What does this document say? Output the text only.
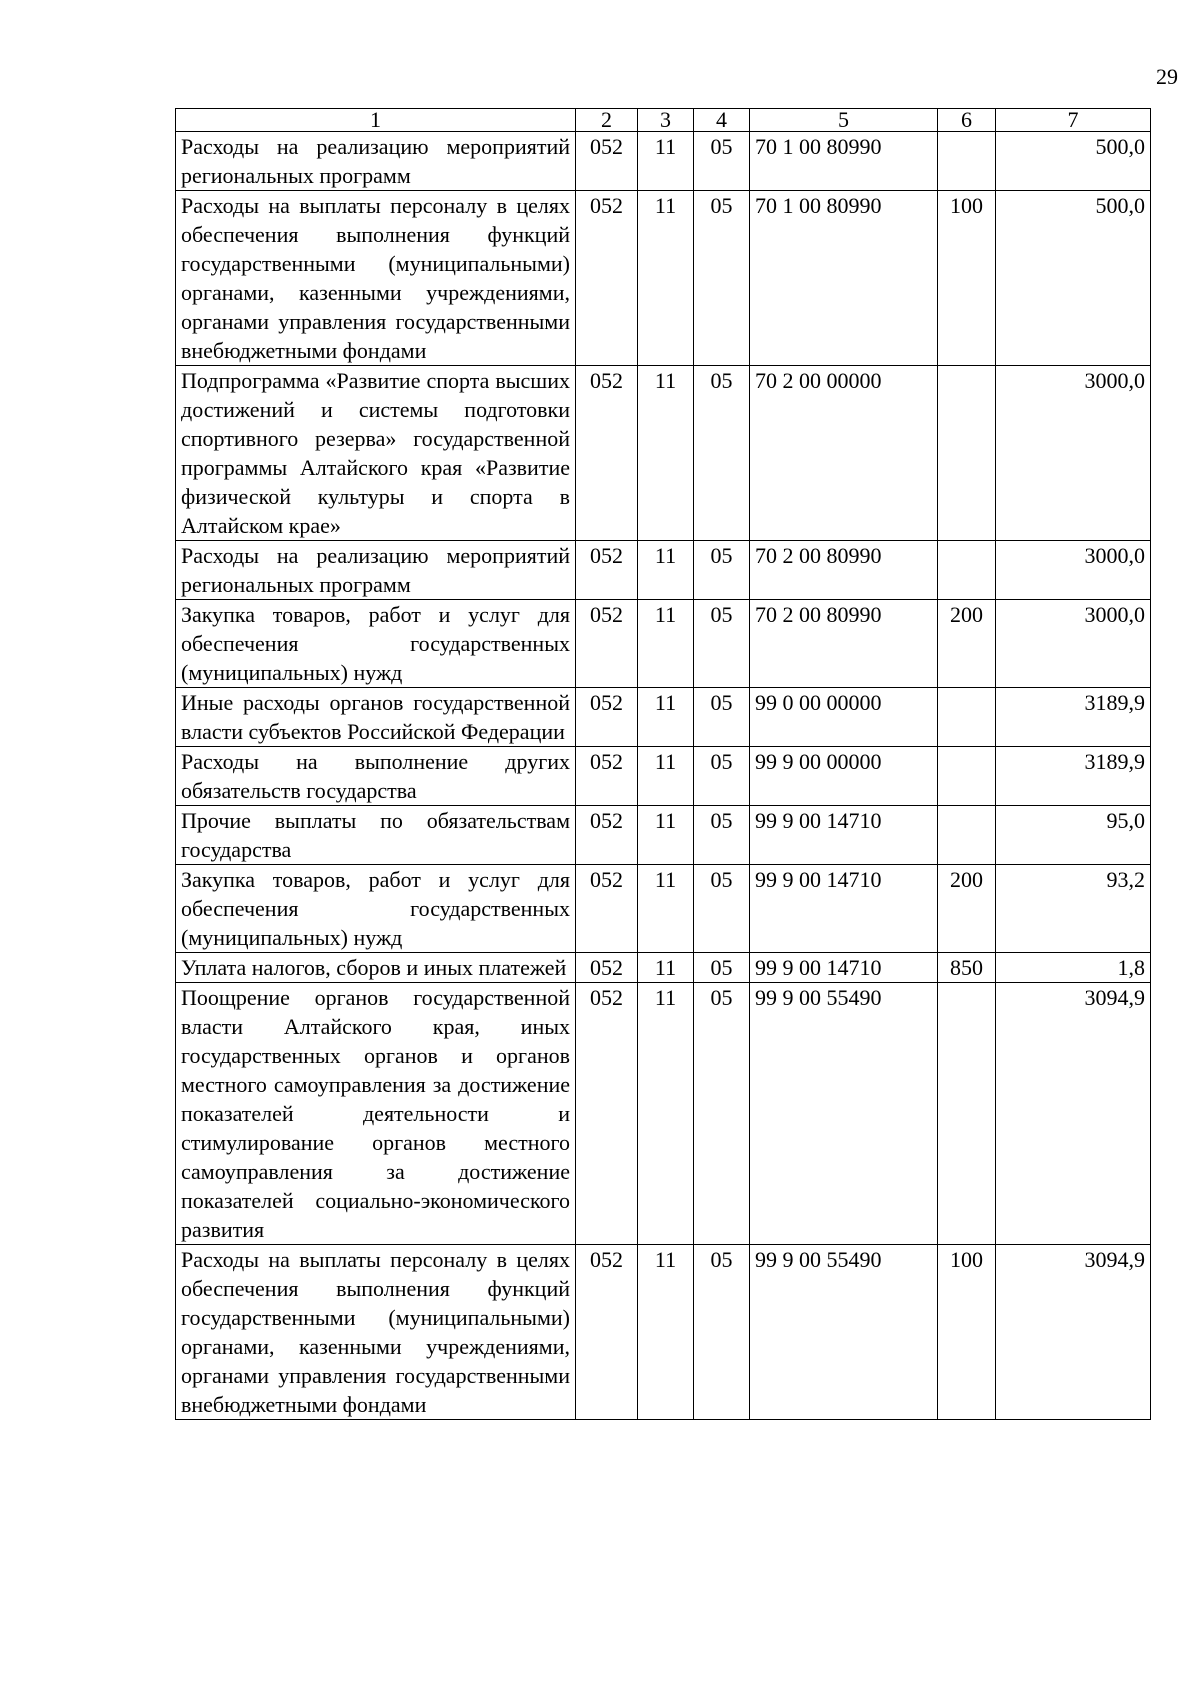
29
1	2	3	4	5	6	7
Расходы на реализацию мероприятий региональных программ	052	11	05	70 1 00 80990		500,0
Расходы на выплаты персоналу в целях обеспечения выполнения функций государственными (муниципальными) органами, казенными учреждениями, органами управления государственными внебюджетными фондами	052	11	05	70 1 00 80990	100	500,0
Подпрограмма «Развитие спорта высших достижений и системы подготовки спортивного резерва» государственной программы Алтайского края «Развитие физической культуры и спорта в Алтайском крае»	052	11	05	70 2 00 00000		3000,0
Расходы на реализацию мероприятий региональных программ	052	11	05	70 2 00 80990		3000,0
Закупка товаров, работ и услуг для обеспечения государственных (муниципальных) нужд	052	11	05	70 2 00 80990	200	3000,0
Иные расходы органов государственной власти субъектов Российской Федерации	052	11	05	99 0 00 00000		3189,9
Расходы на выполнение других обязательств государства	052	11	05	99 9 00 00000		3189,9
Прочие выплаты по обязательствам государства	052	11	05	99 9 00 14710		95,0
Закупка товаров, работ и услуг для обеспечения государственных (муниципальных) нужд	052	11	05	99 9 00 14710	200	93,2
Уплата налогов, сборов и иных платежей	052	11	05	99 9 00 14710	850	1,8
Поощрение органов государственной власти Алтайского края, иных государственных органов и органов местного самоуправления за достижение показателей деятельности и стимулирование органов местного самоуправления за достижение показателей социально-экономического развития	052	11	05	99 9 00 55490		3094,9
Расходы на выплаты персоналу в целях обеспечения выполнения функций государственными (муниципальными) органами, казенными учреждениями, органами управления государственными внебюджетными фондами	052	11	05	99 9 00 55490	100	3094,9
